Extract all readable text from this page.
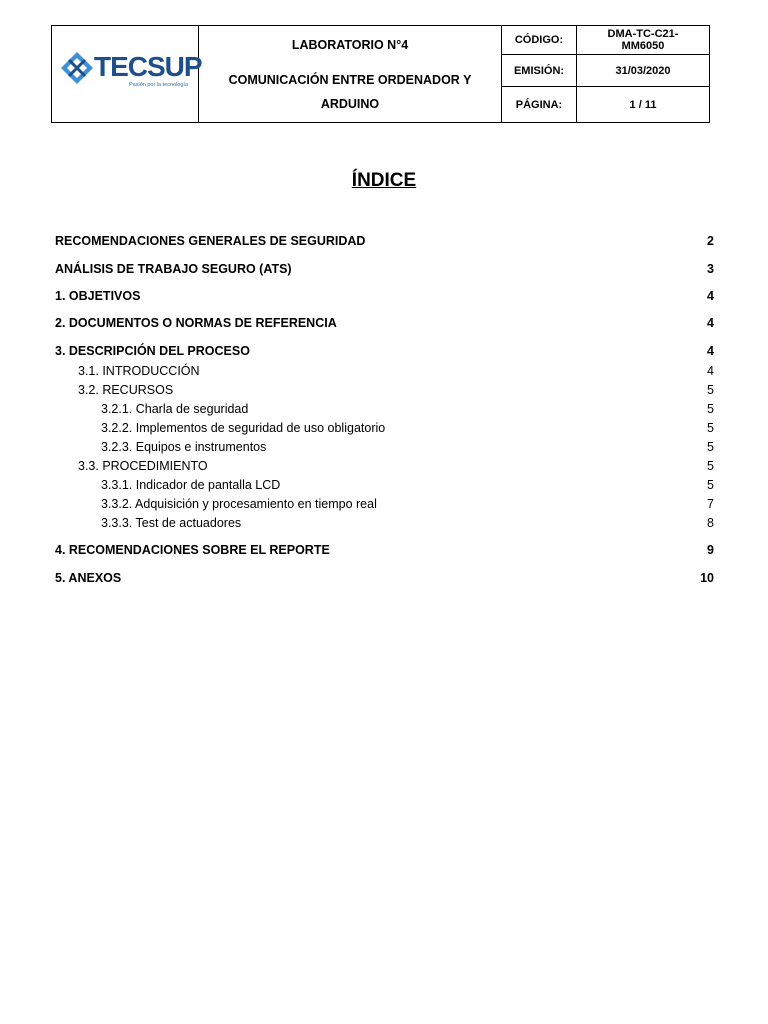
TECSUP
Pasión por la tecnología
LABORATORIO N°4
COMUNICACIÓN ENTRE ORDENADOR Y ARDUINO
CÓDIGO:	DMA-TC-C21-MM6050
EMISIÓN:	31/03/2020
PÁGINA:	1 / 11
ÍNDICE
RECOMENDACIONES GENERALES DE SEGURIDAD	2
ANÁLISIS DE TRABAJO SEGURO (ATS)	3
1. OBJETIVOS	4
2. DOCUMENTOS O NORMAS DE REFERENCIA	4
3. DESCRIPCIÓN DEL PROCESO	4
3.1. INTRODUCCIÓN	4
3.2. RECURSOS	5
3.2.1. Charla de seguridad	5
3.2.2. Implementos de seguridad de uso obligatorio	5
3.2.3. Equipos e instrumentos	5
3.3. PROCEDIMIENTO	5
3.3.1. Indicador de pantalla LCD	5
3.3.2. Adquisición y procesamiento en tiempo real	7
3.3.3. Test de actuadores	8
4. RECOMENDACIONES SOBRE EL REPORTE	9
5. ANEXOS	10
